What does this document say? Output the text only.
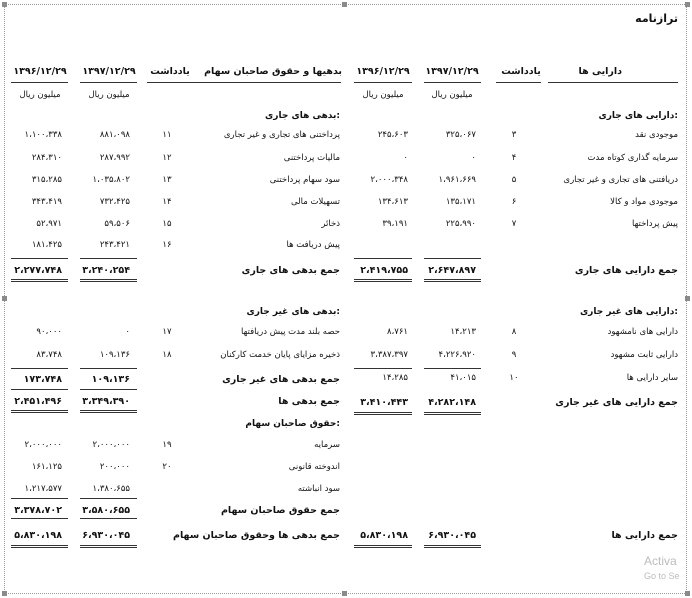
ترازنامه
دارایی ها
یادداشت
۱۳۹۷/۱۲/۲۹
۱۳۹۶/۱۲/۲۹
بدهیها و حقوق صاحبان سهام
یادداشت
۱۳۹۷/۱۲/۲۹
۱۳۹۶/۱۲/۲۹
میلیون ریال
میلیون ریال
میلیون ریال
میلیون ریال
دارایی های جاری:
موجودی نقد
۳
۳۲۵،۰۶۷
۲۴۵،۶۰۳
سرمایه گذاری کوتاه مدت
۴
۰
۰
دریافتنی های تجاری و غیر تجاری
۵
۱،۹۶۱،۶۶۹
۲،۰۰۰،۳۴۸
موجودی مواد و کالا
۶
۱۳۵،۱۷۱
۱۳۴،۶۱۳
پیش پرداختها
۷
۲۲۵،۹۹۰
۳۹،۱۹۱
جمع دارایی های جاری
۲،۶۴۷،۸۹۷
۲،۴۱۹،۷۵۵
بدهی های جاری:
پرداختنی های تجاری و غیر تجاری
۱۱
۸۸۱،۰۹۸
۱،۱۰۰،۳۳۸
مالیات پرداختنی
۱۲
۲۸۷،۹۹۲
۲۸۴،۳۱۰
سود سهام پرداختنی
۱۳
۱،۰۳۵،۸۰۲
۳۱۵،۲۸۵
تسهیلات مالی
۱۴
۷۳۲،۴۲۵
۳۴۳،۴۱۹
ذخائر
۱۵
۵۹،۵۰۶
۵۲،۹۷۱
پیش دریافت ها
۱۶
۲۴۳،۴۲۱
۱۸۱،۴۲۵
جمع بدهی های جاری
۳،۲۴۰،۲۵۴
۲،۲۷۷،۷۴۸
دارایی های غیر جاری:
دارایی های نامشهود
۸
۱۴،۲۱۳
۸،۷۶۱
دارایی ثابت مشهود
۹
۴،۲۲۶،۹۲۰
۳،۳۸۷،۳۹۷
سایر دارایی ها
۱۰
۴۱،۰۱۵
۱۴،۲۸۵
جمع دارایی های غیر جاری
۴،۲۸۲،۱۴۸
۳،۴۱۰،۴۴۳
بدهی های غیر جاری:
حصه بلند مدت پیش دریافتها
۱۷
۰
۹۰،۰۰۰
ذخیره مزایای پایان خدمت کارکنان
۱۸
۱۰۹،۱۳۶
۸۳،۷۴۸
جمع بدهی های غیر جاری
۱۰۹،۱۳۶
۱۷۳،۷۴۸
جمع بدهی ها
۳،۳۴۹،۳۹۰
۲،۴۵۱،۴۹۶
حقوق صاحبان سهام:
سرمایه
۱۹
۲،۰۰۰،۰۰۰
۲،۰۰۰،۰۰۰
اندوخته قانونی
۲۰
۲۰۰،۰۰۰
۱۶۱،۱۲۵
سود انباشته
۱،۳۸۰،۶۵۵
۱،۲۱۷،۵۷۷
جمع حقوق صاحبان سهام
۳،۵۸۰،۶۵۵
۳،۳۷۸،۷۰۲
جمع دارایی ها
۶،۹۳۰،۰۴۵
۵،۸۳۰،۱۹۸
جمع بدهی ها وحقوق صاحبان سهام
۶،۹۳۰،۰۴۵
۵،۸۳۰،۱۹۸
Activa
Go to Se
